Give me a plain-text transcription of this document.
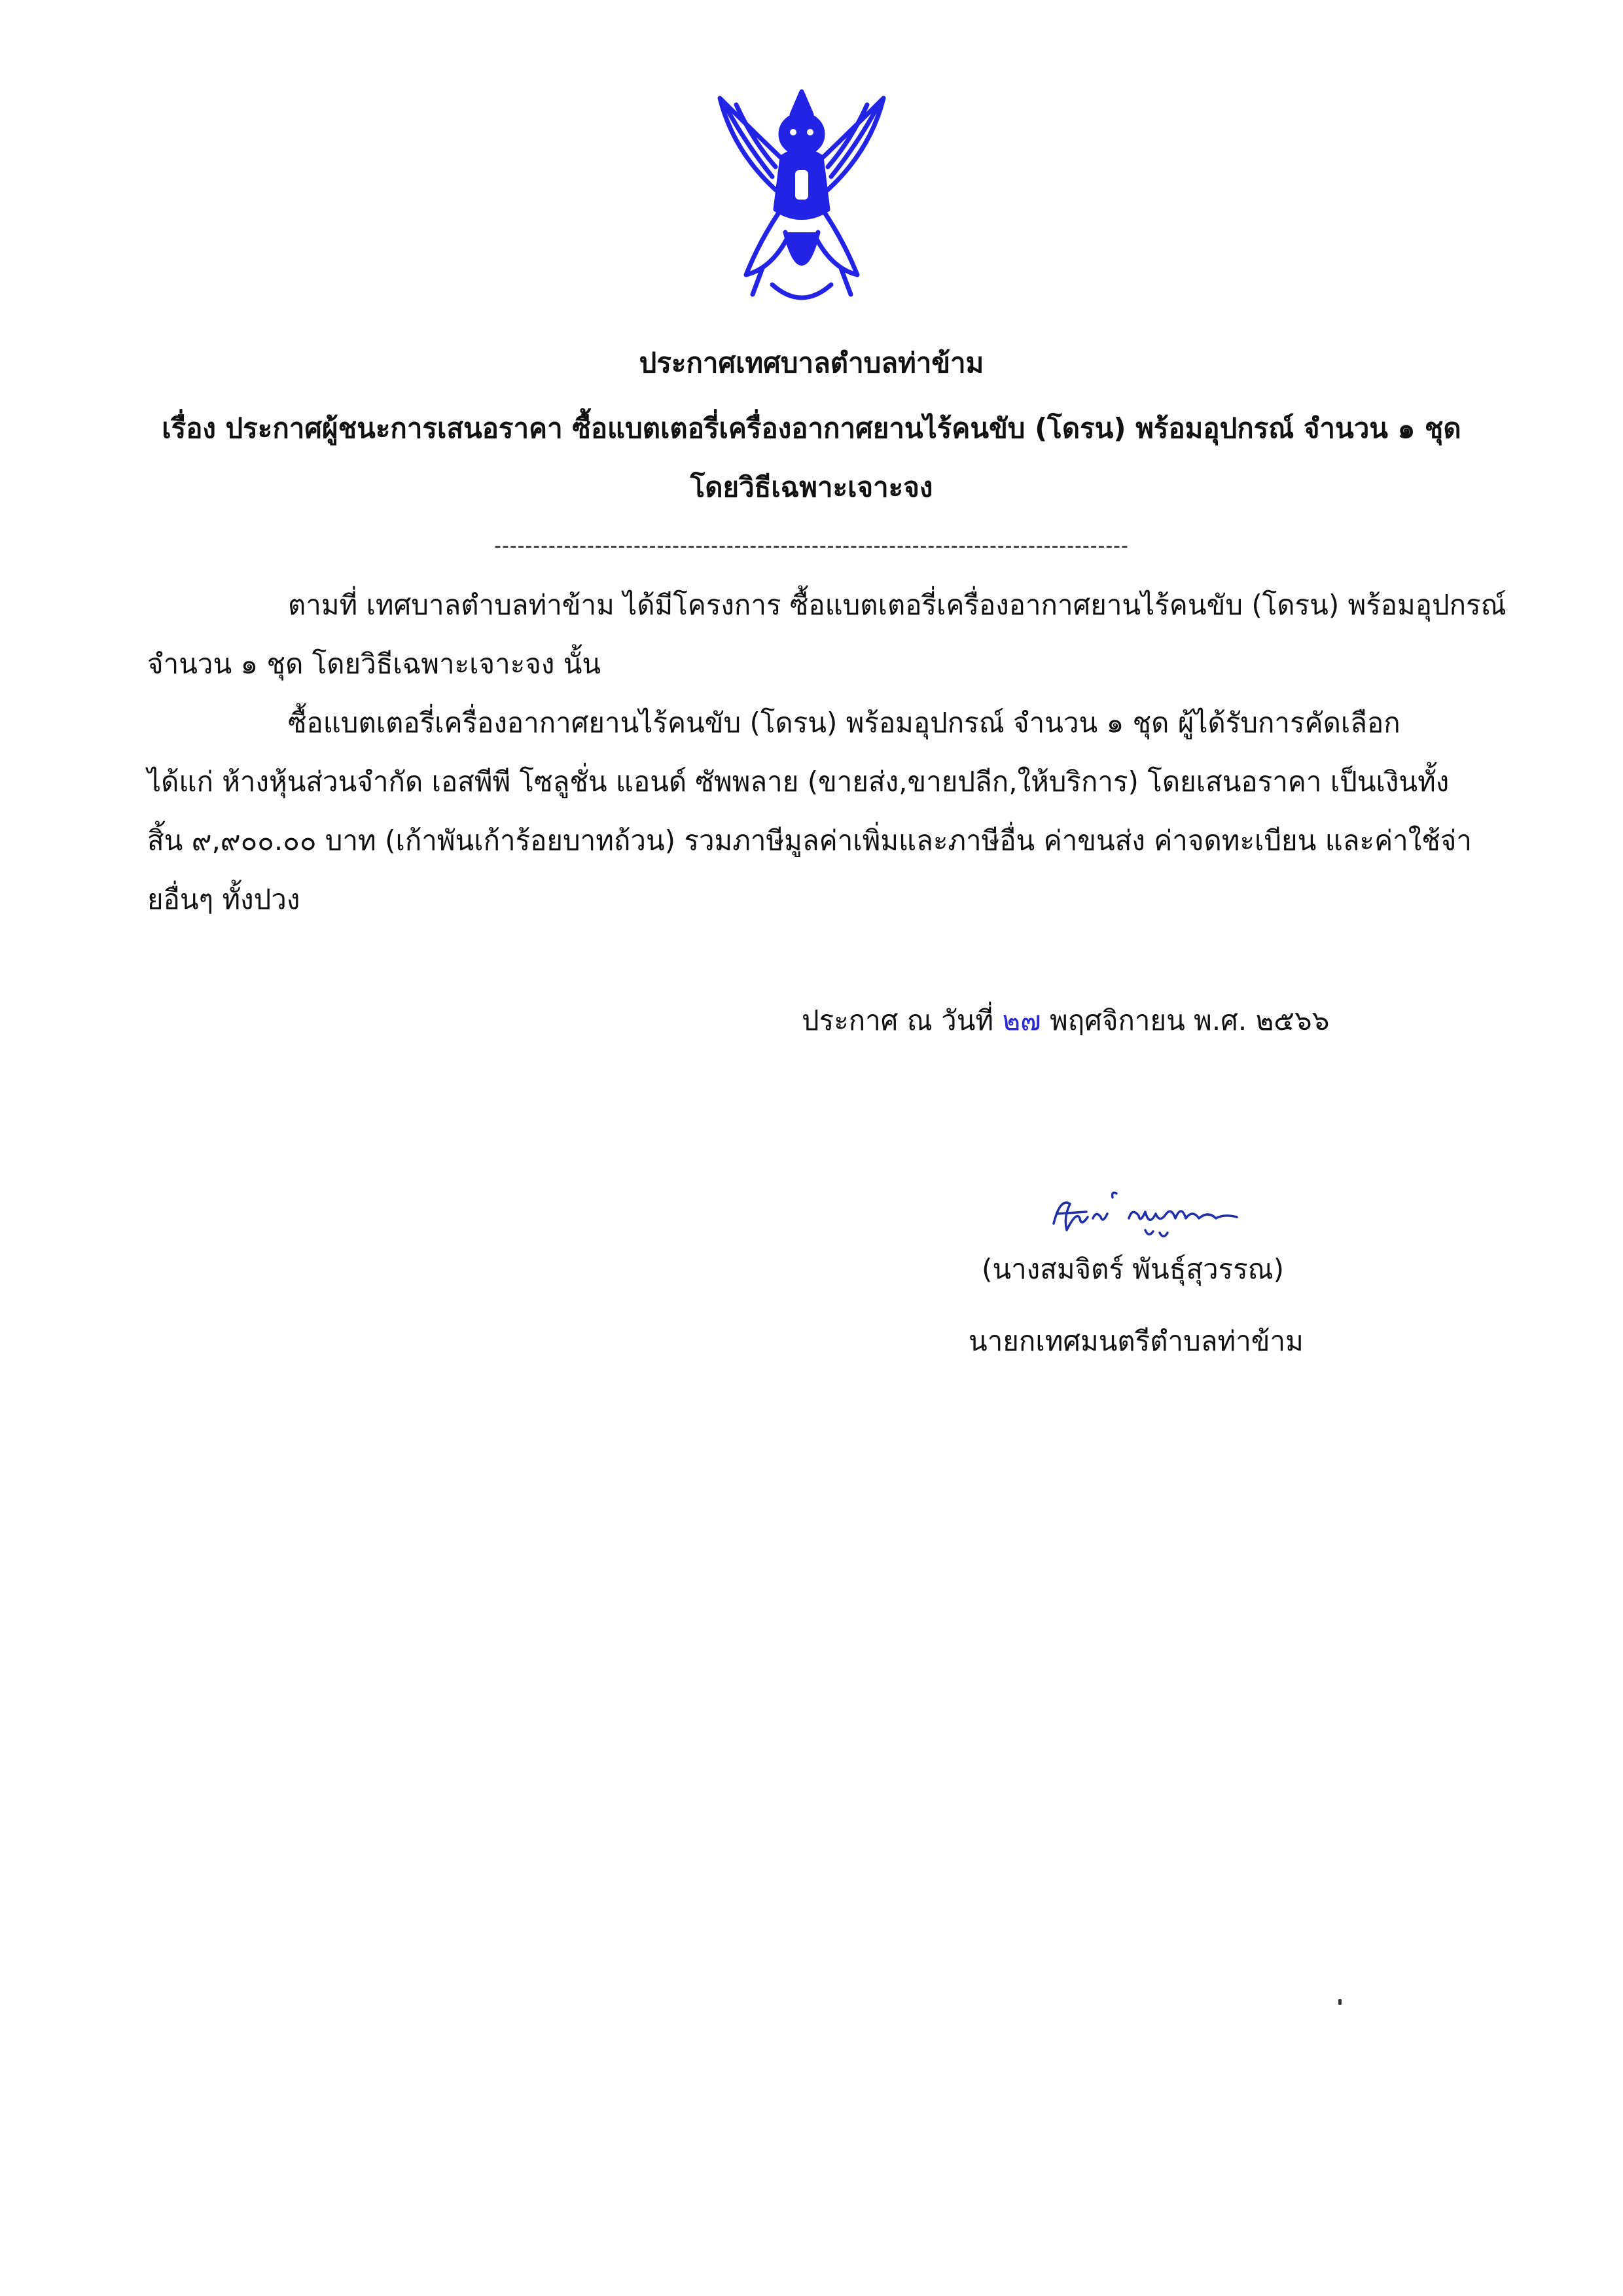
ประกาศเทศบาลตำบลท่าข้าม
เรื่อง ประกาศผู้ชนะการเสนอราคา ซื้อแบตเตอรี่เครื่องอากาศยานไร้คนขับ (โดรน) พร้อมอุปกรณ์ จำนวน ๑ ชุด
โดยวิธีเฉพาะเจาะจง
----------------------------------------------------------------------------------
ตามที่ เทศบาลตำบลท่าข้าม ได้มีโครงการ ซื้อแบตเตอรี่เครื่องอากาศยานไร้คนขับ (โดรน) พร้อมอุปกรณ์
จำนวน ๑ ชุด โดยวิธีเฉพาะเจาะจง นั้น
ซื้อแบตเตอรี่เครื่องอากาศยานไร้คนขับ (โดรน) พร้อมอุปกรณ์ จำนวน ๑ ชุด ผู้ได้รับการคัดเลือก
ได้แก่ ห้างหุ้นส่วนจำกัด เอสพีพี โซลูชั่น แอนด์ ซัพพลาย (ขายส่ง,ขายปลีก,ให้บริการ) โดยเสนอราคา เป็นเงินทั้ง
สิ้น ๙,๙๐๐.๐๐ บาท (เก้าพันเก้าร้อยบาทถ้วน) รวมภาษีมูลค่าเพิ่มและภาษีอื่น ค่าขนส่ง ค่าจดทะเบียน และค่าใช้จ่า
ยอื่นๆ ทั้งปวง
ประกาศ ณ วันที่ ๒๗ พฤศจิกายน พ.ศ. ๒๕๖๖
(นางสมจิตร์ พันธุ์สุวรรณ)
นายกเทศมนตรีตำบลท่าข้าม
